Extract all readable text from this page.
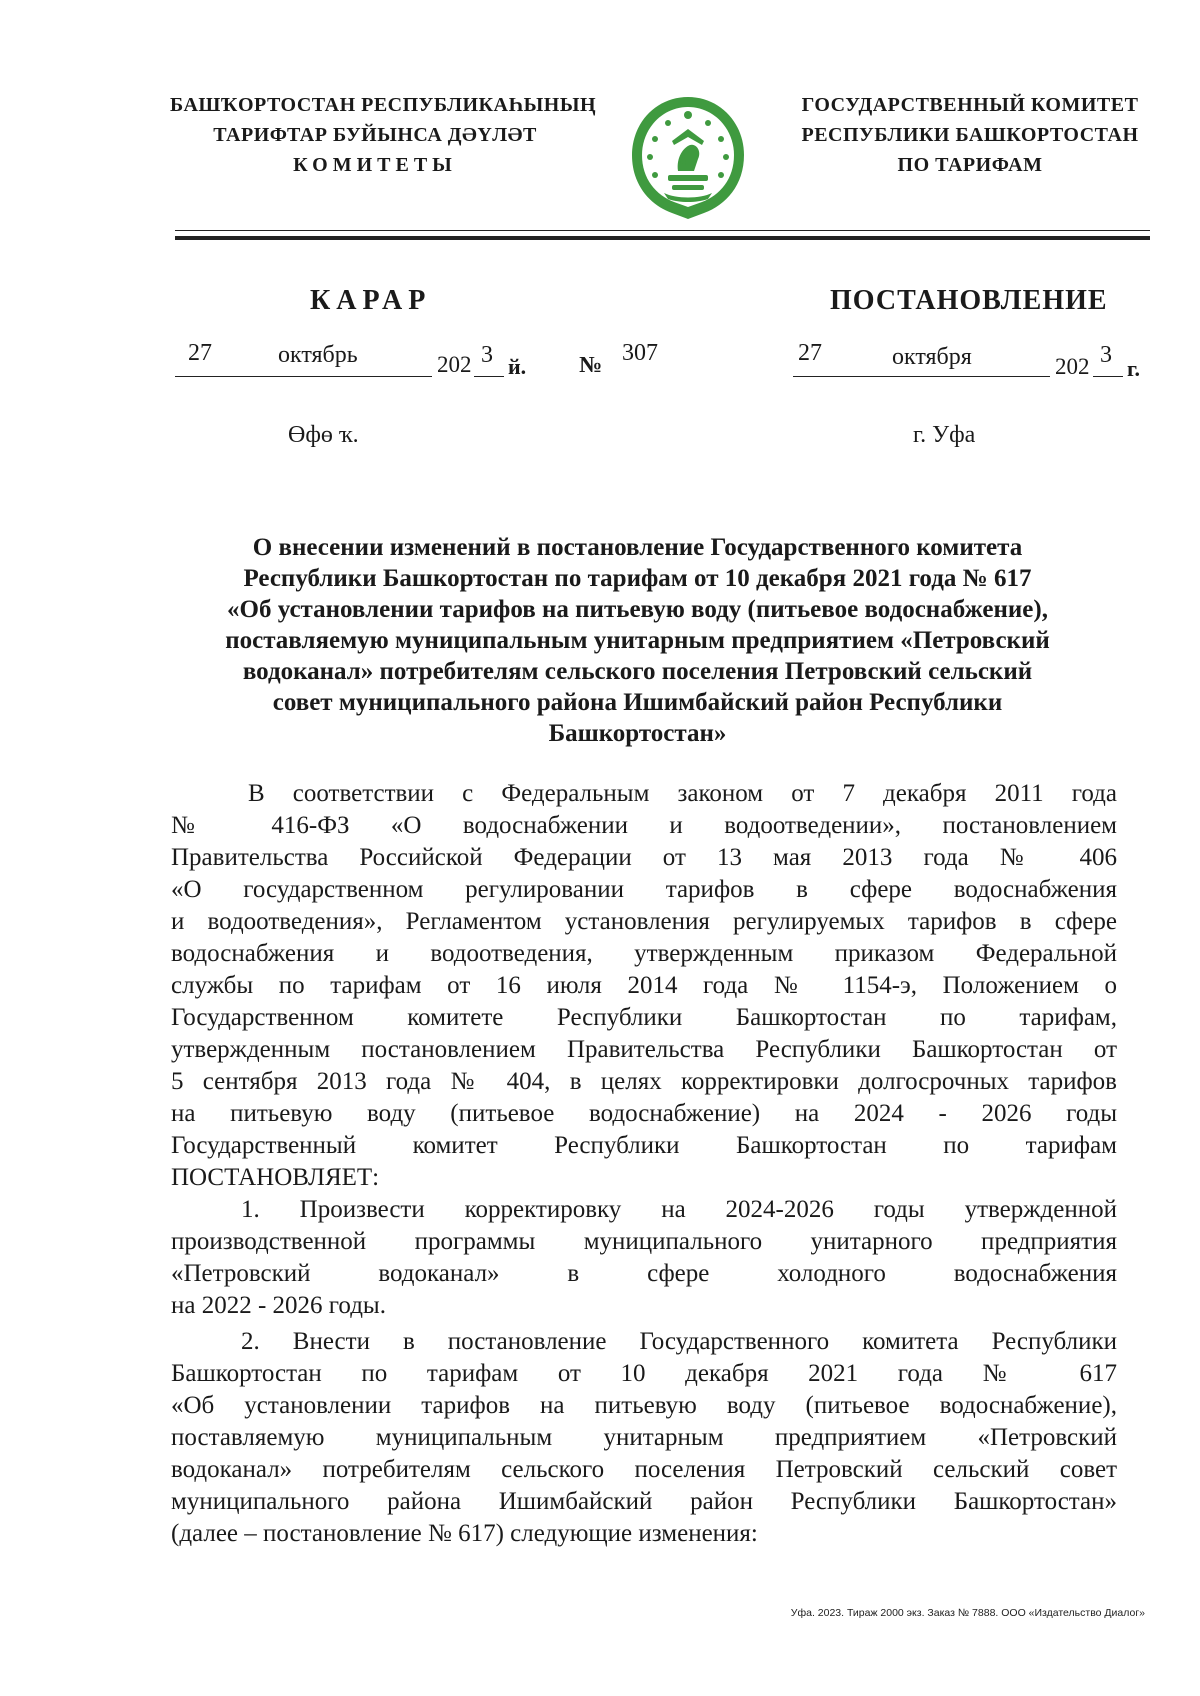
БАШҠОРТОСТАН РЕСПУБЛИКАҺЫНЫҢ
ТАРИФТАР БУЙЫНСА ДӘҮЛӘТ
КОМИТЕТЫ
ГОСУДАРСТВЕННЫЙ КОМИТЕТ
РЕСПУБЛИКИ БАШКОРТОСТАН
ПО ТАРИФАМ
КАРАР	ПОСТАНОВЛЕНИЕ
27	октябрь	202 3 й. № 307	27	октября	202 3
г.
Өфө ҡ.	г. Уфа
О внесении изменений в постановление Государственного комитета
Республики Башкортостан по тарифам от 10 декабря 2021 года № 617
«Об установлении тарифов на питьевую воду (питьевое водоснабжение),
поставляемую муниципальным унитарным предприятием «Петровский
водоканал» потребителям сельского поселения Петровский сельский
совет муниципального района Ишимбайский район Республики
Башкортостан»
В соответствии с Федеральным законом от 7 декабря 2011 года
№ 416-ФЗ «О водоснабжении и водоотведении», постановлением
Правительства Российской Федерации от 13 мая 2013 года № 406
«О государственном регулировании тарифов в сфере водоснабжения
и водоотведения», Регламентом установления регулируемых тарифов в сфере
водоснабжения и водоотведения, утвержденным приказом Федеральной
службы по тарифам от 16 июля 2014 года № 1154-э, Положением о
Государственном комитете Республики Башкортостан по тарифам,
утвержденным постановлением Правительства Республики Башкортостан от
5 сентября 2013 года № 404, в целях корректировки долгосрочных тарифов
на питьевую воду (питьевое водоснабжение) на 2024 - 2026 годы
Государственный комитет Республики Башкортостан по тарифам
ПОСТАНОВЛЯЕТ:
1. Произвести корректировку на 2024-2026 годы утвержденной
производственной программы муниципального унитарного предприятия
«Петровский водоканал» в сфере холодного водоснабжения
на 2022 - 2026 годы.
2. Внести в постановление Государственного комитета Республики
Башкортостан по тарифам от 10 декабря 2021 года № 617
«Об установлении тарифов на питьевую воду (питьевое водоснабжение),
поставляемую муниципальным унитарным предприятием «Петровский
водоканал» потребителям сельского поселения Петровский сельский совет
муниципального района Ишимбайский район Республики Башкортостан»
(далее – постановление № 617) следующие изменения:
Уфа. 2023. Тираж 2000 экз. Заказ № 7888. ООО «Издательство Диалог»
